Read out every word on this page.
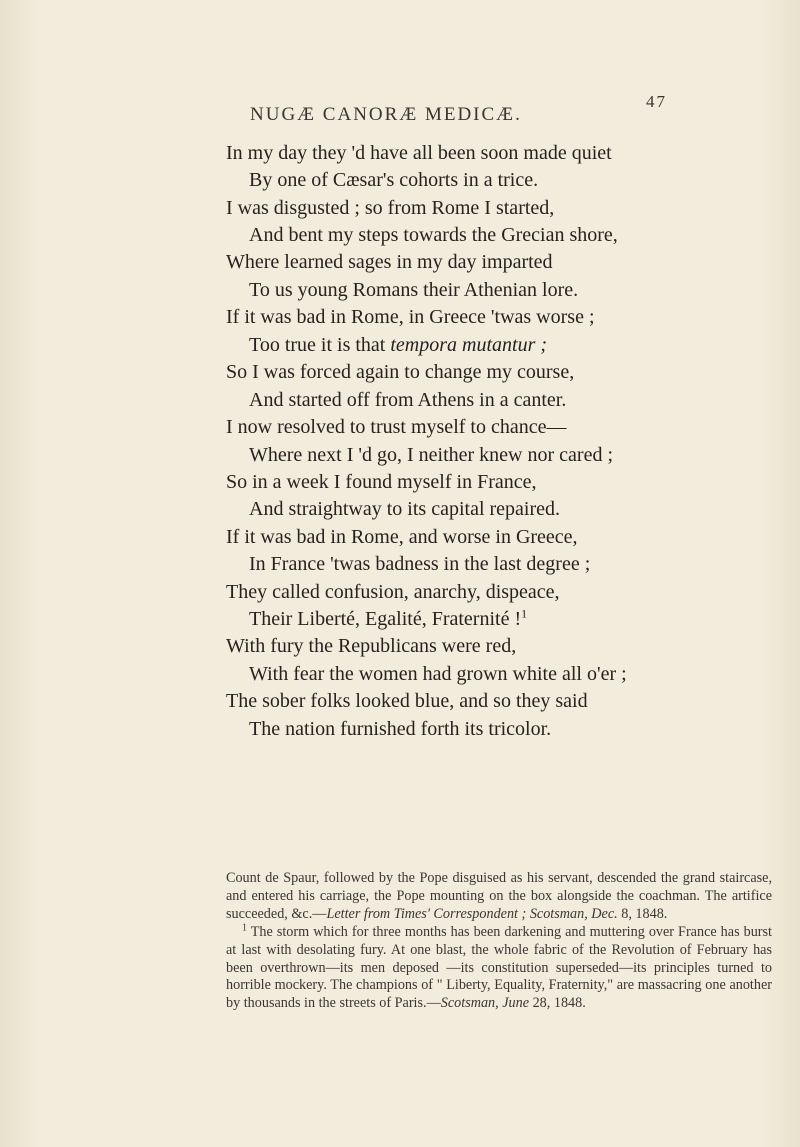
NUGÆ CANORÆ MEDICÆ.
47
In my day they 'd have all been soon made quiet
By one of Cæsar's cohorts in a trice.
I was disgusted ; so from Rome I started,
And bent my steps towards the Grecian shore,
Where learned sages in my day imparted
To us young Romans their Athenian lore.
If it was bad in Rome, in Greece 'twas worse ;
Too true it is that tempora mutantur ;
So I was forced again to change my course,
And started off from Athens in a canter.
I now resolved to trust myself to chance—
Where next I 'd go, I neither knew nor cared ;
So in a week I found myself in France,
And straightway to its capital repaired.
If it was bad in Rome, and worse in Greece,
In France 'twas badness in the last degree ;
They called confusion, anarchy, dispeace,
Their Liberté, Egalité, Fraternité !$^1$
With fury the Republicans were red,
With fear the women had grown white all o'er ;
The sober folks looked blue, and so they said
The nation furnished forth its tricolor.

Count de Spaur, followed by the Pope disguised as his servant, descended the grand staircase, and entered his carriage, the Pope mounting on the box alongside the coachman. The artifice succeeded, &c.—Letter from Times' Correspondent ; Scotsman, Dec. 8, 1848.

$^1$ The storm which for three months has been darkening and muttering over France has burst at last with desolating fury. At one blast, the whole fabric of the Revolution of February has been overthrown—its men deposed —its constitution superseded—its principles turned to horrible mockery. The champions of " Liberty, Equality, Fraternity," are massacring one another by thousands in the streets of Paris.—Scotsman, June 28, 1848.
